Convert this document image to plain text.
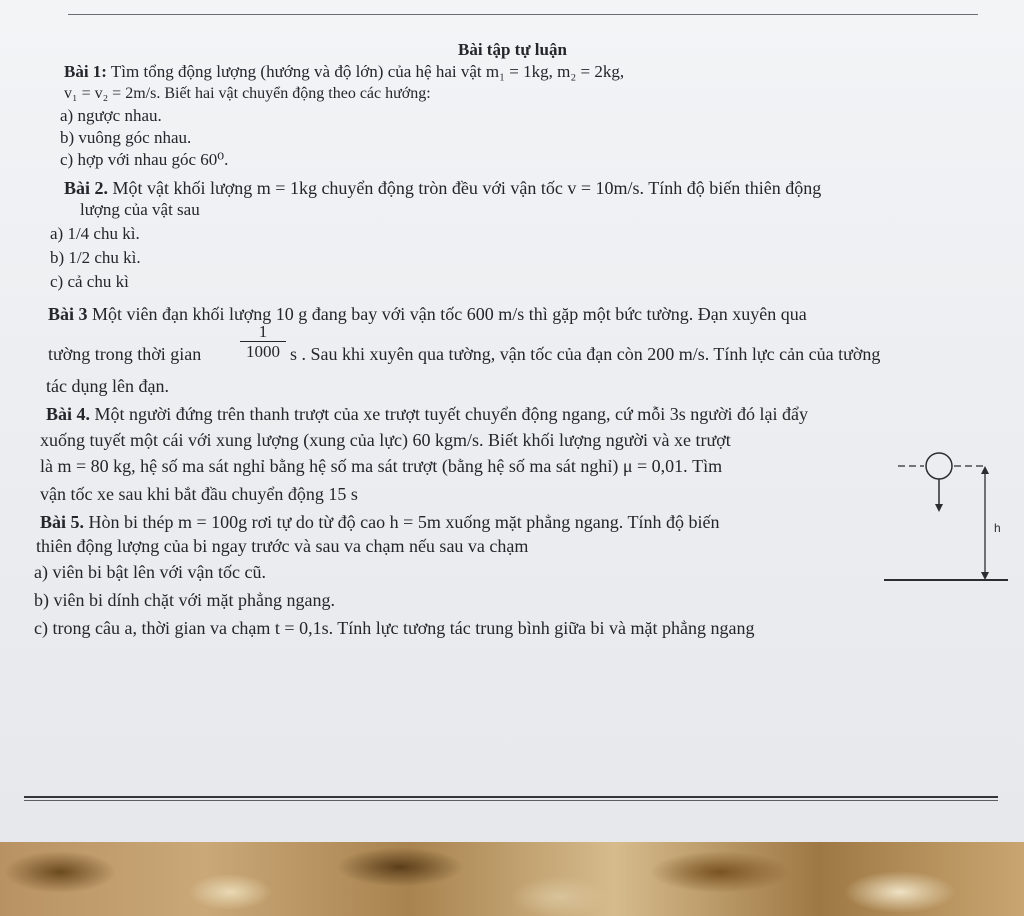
Bài tập tự luận
Bài 1: Tìm tổng động lượng (hướng và độ lớn) của hệ hai vật m₁ = 1kg, m₂ = 2kg,
v₁ = v₂ = 2m/s. Biết hai vật chuyển động theo các hướng:
a) ngược nhau.
b) vuông góc nhau.
c) hợp với nhau góc 60⁰.
Bài 2. Một vật khối lượng m = 1kg chuyển động tròn đều với vận tốc v = 10m/s. Tính độ biến thiên động
lượng của vật sau
a) 1/4 chu kì.
b) 1/2 chu kì.
c) cả chu kì
Bài 3 Một viên đạn khối lượng 10 g đang bay với vận tốc 600 m/s thì gặp một bức tường. Đạn xuyên qua
tường trong thời gian
1
1000 s . Sau khi xuyên qua tường, vận tốc của đạn còn 200 m/s. Tính lực cản của tường
tác dụng lên đạn.
Bài 4. Một người đứng trên thanh trượt của xe trượt tuyết chuyển động ngang, cứ mỗi 3s người đó lại đẩy
xuống tuyết một cái với xung lượng (xung của lực) 60 kgm/s. Biết khối lượng người và xe trượt
là m = 80 kg, hệ số ma sát nghỉ bằng hệ số ma sát trượt (bằng hệ số ma sát nghỉ) μ = 0,01. Tìm
vận tốc xe sau khi bắt đầu chuyển động 15 s
Bài 5. Hòn bi thép m = 100g rơi tự do từ độ cao h = 5m xuống mặt phẳng ngang. Tính độ biến
thiên động lượng của bi ngay trước và sau va chạm nếu sau va chạm
a) viên bi bật lên với vận tốc cũ.
b) viên bi dính chặt với mặt phẳng ngang.
c) trong câu a, thời gian va chạm t = 0,1s. Tính lực tương tác trung bình giữa bi và mặt phẳng ngang
h
